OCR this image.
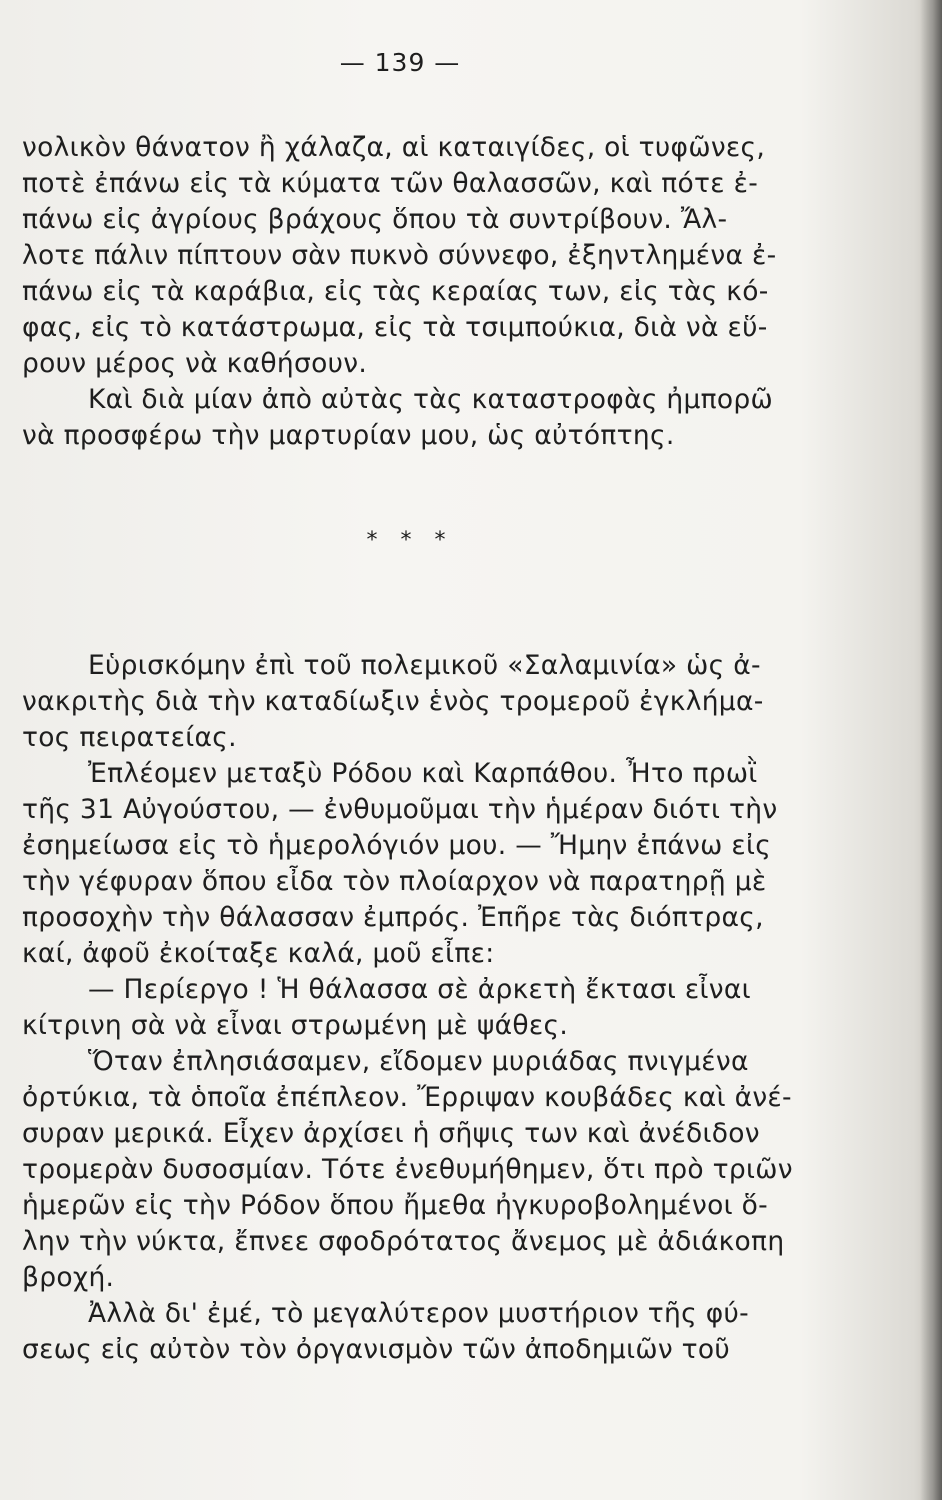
— 139 —
νολικὸν θάνατον ἢ χάλαζα, αἱ καταιγίδες, οἱ τυφῶνες,
ποτὲ ἐπάνω εἰς τὰ κύματα τῶν θαλασσῶν, καὶ πότε ἐ-
πάνω εἰς ἀγρίους βράχους ὅπου τὰ συντρίβουν. Ἄλ-
λοτε πάλιν πίπτουν σὰν πυκνὸ σύννεφο, ἐξηντλημένα ἐ-
πάνω εἰς τὰ καράβια, εἰς τὰς κεραίας των, εἰς τὰς κό-
φας, εἰς τὸ κατάστρωμα, εἰς τὰ τσιμπούκια, διὰ νὰ εὕ-
ρουν μέρος νὰ καθήσουν.
Καὶ διὰ μίαν ἀπὸ αὐτὰς τὰς καταστροφὰς ἠμπορῶ
νὰ προσφέρω τὴν μαρτυρίαν μου, ὡς αὐτόπτης.
* * *
Εὑρισκόμην ἐπὶ τοῦ πολεμικοῦ «Σαλαμινία» ὡς ἀ-
νακριτὴς διὰ τὴν καταδίωξιν ἑνὸς τρομεροῦ ἐγκλήμα-
τος πειρατείας.
Ἐπλέομεν μεταξὺ Ρόδου καὶ Καρπάθου. Ἦτο πρωῒ
τῆς 31 Αὐγούστου, — ἐνθυμοῦμαι τὴν ἡμέραν διότι τὴν
ἐσημείωσα εἰς τὸ ἡμερολόγιόν μου. — Ἤμην ἐπάνω εἰς
τὴν γέφυραν ὅπου εἶδα τὸν πλοίαρχον νὰ παρατηρῇ μὲ
προσοχὴν τὴν θάλασσαν ἐμπρός. Ἐπῆρε τὰς διόπτρας,
καί, ἀφοῦ ἐκοίταξε καλά, μοῦ εἶπε:
— Περίεργο ! Ἡ θάλασσα σὲ ἀρκετὴ ἔκτασι εἶναι
κίτρινη σὰ νὰ εἶναι στρωμένη μὲ ψάθες.
Ὅταν ἐπλησιάσαμεν, εἴδομεν μυριάδας πνιγμένα
ὀρτύκια, τὰ ὁποῖα ἐπέπλεον. Ἔρριψαν κουβάδες καὶ ἀνέ-
συραν μερικά. Εἶχεν ἀρχίσει ἡ σῆψις των καὶ ἀνέδιδον
τρομερὰν δυσοσμίαν. Τότε ἐνεθυμήθημεν, ὅτι πρὸ τριῶν
ἡμερῶν εἰς τὴν Ρόδον ὅπου ἤμεθα ἠγκυροβολημένοι ὅ-
λην τὴν νύκτα, ἔπνεε σφοδρότατος ἄνεμος μὲ ἀδιάκοπη
βροχή.
Ἀλλὰ δι' ἐμέ, τὸ μεγαλύτερον μυστήριον τῆς φύ-
σεως εἰς αὐτὸν τὸν ὀργανισμὸν τῶν ἀποδημιῶν τοῦ
